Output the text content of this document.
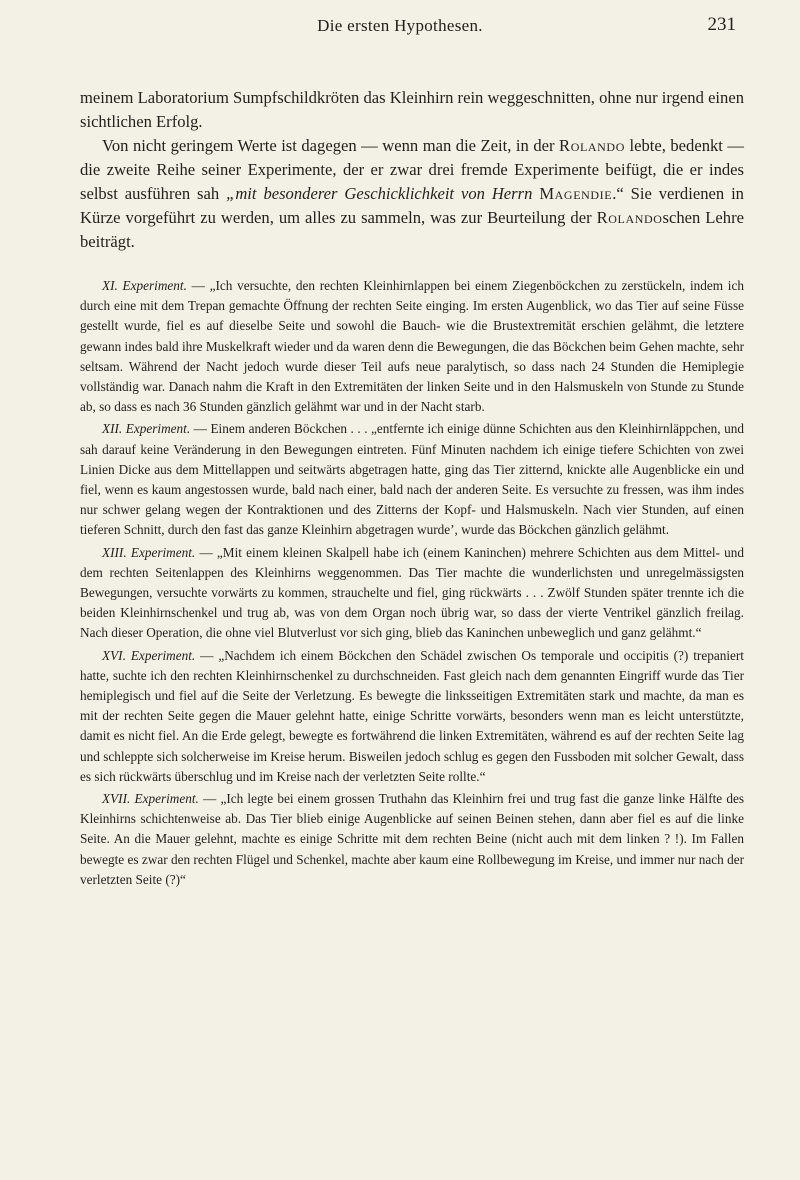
Die ersten Hypothesen.	231

meinem Laboratorium Sumpfschildkröten das Kleinhirn rein weggeschnitten, ohne nur irgend einen sichtlichen Erfolg.

Von nicht geringem Werte ist dagegen — wenn man die Zeit, in der Rolando lebte, bedenkt — die zweite Reihe seiner Experimente, der er zwar drei fremde Experimente beifügt, die er indes selbst ausführen sah „mit besonderer Geschicklichkeit von Herrn Magendie.“ Sie verdienen in Kürze vorgeführt zu werden, um alles zu sammeln, was zur Beurteilung der Rolandoschen Lehre beiträgt.

XI. Experiment. — „Ich versuchte, den rechten Kleinhirnlappen bei einem Ziegenböckchen zu zerstückeln, indem ich durch eine mit dem Trepan gemachte Öffnung der rechten Seite einging. Im ersten Augenblick, wo das Tier auf seine Füsse gestellt wurde, fiel es auf dieselbe Seite und sowohl die Bauch- wie die Brustextremität erschien gelähmt, die letztere gewann indes bald ihre Muskelkraft wieder und da waren denn die Bewegungen, die das Böckchen beim Gehen machte, sehr seltsam. Während der Nacht jedoch wurde dieser Teil aufs neue paralytisch, so dass nach 24 Stunden die Hemiplegie vollständig war. Danach nahm die Kraft in den Extremitäten der linken Seite und in den Halsmuskeln von Stunde zu Stunde ab, so dass es nach 36 Stunden gänzlich gelähmt war und in der Nacht starb.

XII. Experiment. — Einem anderen Böckchen . . . „entfernte ich einige dünne Schichten aus den Kleinhirnläppchen, und sah darauf keine Veränderung in den Bewegungen eintreten. Fünf Minuten nachdem ich einige tiefere Schichten von zwei Linien Dicke aus dem Mittellappen und seitwärts abgetragen hatte, ging das Tier zitternd, knickte alle Augenblicke ein und fiel, wenn es kaum angestossen wurde, bald nach einer, bald nach der anderen Seite. Es versuchte zu fressen, was ihm indes nur schwer gelang wegen der Kontraktionen und des Zitterns der Kopf- und Halsmuskeln. Nach vier Stunden, auf einen tieferen Schnitt, durch den fast das ganze Kleinhirn abgetragen wurde’, wurde das Böckchen gänzlich gelähmt.

XIII. Experiment. — „Mit einem kleinen Skalpell habe ich (einem Kaninchen) mehrere Schichten aus dem Mittel- und dem rechten Seitenlappen des Kleinhirns weggenommen. Das Tier machte die wunderlichsten und unregelmässigsten Bewegungen, versuchte vorwärts zu kommen, strauchelte und fiel, ging rückwärts . . . Zwölf Stunden später trennte ich die beiden Kleinhirnschenkel und trug ab, was von dem Organ noch übrig war, so dass der vierte Ventrikel gänzlich freilag. Nach dieser Operation, die ohne viel Blutverlust vor sich ging, blieb das Kaninchen unbeweglich und ganz gelähmt.“

XVI. Experiment. — „Nachdem ich einem Böckchen den Schädel zwischen Os temporale und occipitis (?) trepaniert hatte, suchte ich den rechten Kleinhirnschenkel zu durchschneiden. Fast gleich nach dem genannten Eingriff wurde das Tier hemiplegisch und fiel auf die Seite der Verletzung. Es bewegte die linksseitigen Extremitäten stark und machte, da man es mit der rechten Seite gegen die Mauer gelehnt hatte, einige Schritte vorwärts, besonders wenn man es leicht unterstützte, damit es nicht fiel. An die Erde gelegt, bewegte es fortwährend die linken Extremitäten, während es auf der rechten Seite lag und schleppte sich solcherweise im Kreise herum. Bisweilen jedoch schlug es gegen den Fussboden mit solcher Gewalt, dass es sich rückwärts überschlug und im Kreise nach der verletzten Seite rollte.“

XVII. Experiment. — „Ich legte bei einem grossen Truthahn das Kleinhirn frei und trug fast die ganze linke Hälfte des Kleinhirns schichtenweise ab. Das Tier blieb einige Augenblicke auf seinen Beinen stehen, dann aber fiel es auf die linke Seite. An die Mauer gelehnt, machte es einige Schritte mit dem rechten Beine (nicht auch mit dem linken ? !). Im Fallen bewegte es zwar den rechten Flügel und Schenkel, machte aber kaum eine Rollbewegung im Kreise, und immer nur nach der verletzten Seite (?)“
